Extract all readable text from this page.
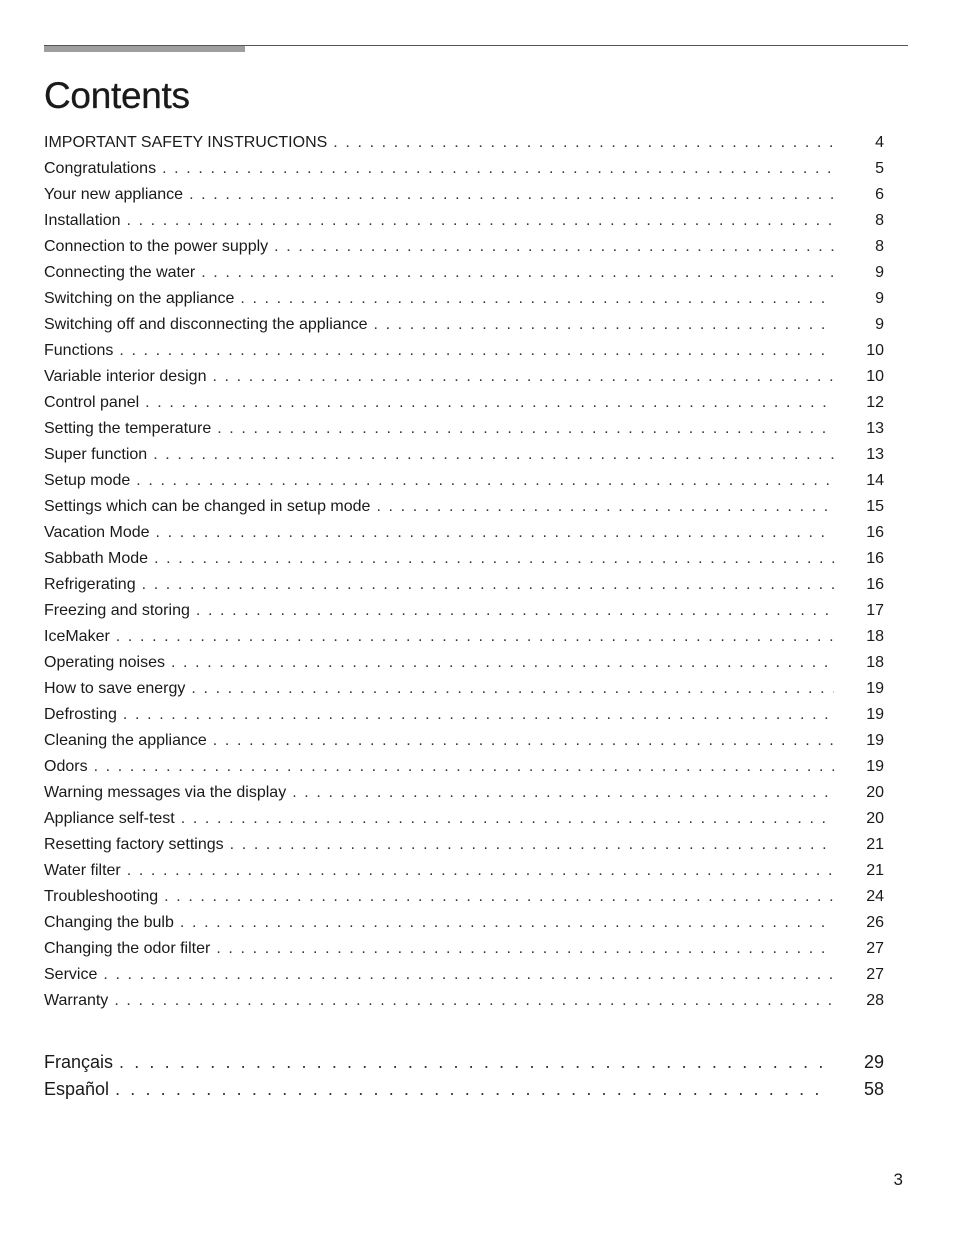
Contents
IMPORTANT SAFETY INSTRUCTIONS . . .	4
Congratulations . . .	5
Your new appliance . . .	6
Installation . . .	8
Connection to the power supply . . .	8
Connecting the water . . .	9
Switching on the appliance . . .	9
Switching off and disconnecting the appliance . . .	9
Functions . . .	10
Variable interior design . . .	10
Control panel . . .	12
Setting the temperature . . .	13
Super function . . .	13
Setup mode . . .	14
Settings which can be changed in setup mode . . .	15
Vacation Mode . . .	16
Sabbath Mode . . .	16
Refrigerating . . .	16
Freezing and storing . . .	17
IceMaker . . .	18
Operating noises . . .	18
How to save energy . . .	19
Defrosting . . .	19
Cleaning the appliance . . .	19
Odors . . .	19
Warning messages via the display . . .	20
Appliance self-test . . .	20
Resetting factory settings . . .	21
Water filter . . .	21
Troubleshooting . . .	24
Changing the bulb . . .	26
Changing the odor filter . . .	27
Service . . .	27
Warranty . . .	28
Français . . .	29
Español . . .	58
3
